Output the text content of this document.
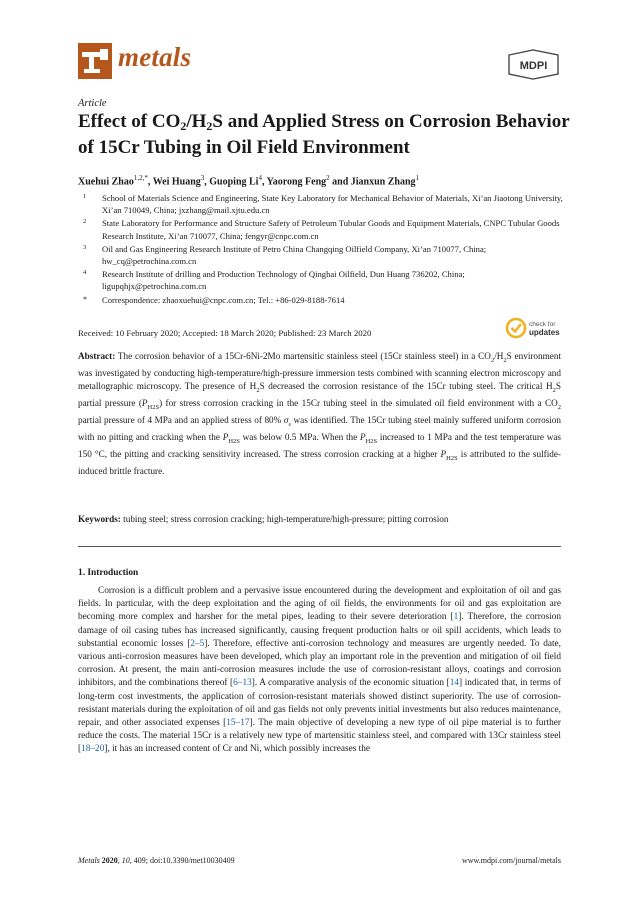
metals	MDPI
Article
Effect of $CO_2/H_2S$ and Applied Stress on Corrosion Behavior of 15Cr Tubing in Oil Field Environment
Xuehui Zhao$^{1,2,*}$, Wei Huang$^3$, Guoping Li$^4$, Yaorong Feng$^2$ and Jianxun Zhang$^1$
1 School of Materials Science and Engineering, State Key Laboratory for Mechanical Behavior of Materials, Xi’an Jiaotong University, Xi’an 710049, China; jxzhang@mail.xjtu.edu.cn
2 State Laboratory for Performance and Structure Safety of Petroleum Tubular Goods and Equipment Materials, CNPC Tubular Goods Research Institute, Xi’an 710077, China; fengyr@cnpc.com.cn
3 Oil and Gas Engineering Research Institute of Petro China Changqing Oilfield Company, Xi’an 710077, China; hw_cq@petrochina.com.cn
4 Research Institute of drilling and Production Technology of Qinghai Oilfield, Dun Huang 736202, China; ligupqhjx@petrochina.com.cn
* Correspondence: zhaoxuehui@cnpc.com.cn; Tel.: +86-029-8188-7614
Received: 10 February 2020; Accepted: 18 March 2020; Published: 23 March 2020
check for
updates
Abstract: The corrosion behavior of a 15Cr-6Ni-2Mo martensitic stainless steel (15Cr stainless steel) in a $CO_2/H_2S$ environment was investigated by conducting high-temperature/high-pressure immersion tests combined with scanning electron microscopy and metallographic microscopy. The presence of $H_2S$ decreased the corrosion resistance of the 15Cr tubing steel. The critical $H_2S$ partial pressure $(P_{H2S})$ for stress corrosion cracking in the 15Cr tubing steel in the simulated oil field environment with a $CO_2$ partial pressure of 4 MPa and an applied stress of 80% $\sigma_s$ was identified. The 15Cr tubing steel mainly suffered uniform corrosion with no pitting and cracking when the $P_{H2S}$ was below 0.5 MPa. When the $P_{H2S}$ increased to 1 MPa and the test temperature was 150 °C, the pitting and cracking sensitivity increased. The stress corrosion cracking at a higher $P_{H2S}$ is attributed to the sulfide-induced brittle fracture.
Keywords: tubing steel; stress corrosion cracking; high-temperature/high-pressure; pitting corrosion
1. Introduction

Corrosion is a difficult problem and a pervasive issue encountered during the development and exploitation of oil and gas fields. In particular, with the deep exploitation and the aging of oil fields, the environments for oil and gas exploitation are becoming more complex and harsher for the metal pipes, leading to their severe deterioration [1]. Therefore, the corrosion damage of oil casing tubes has increased significantly, causing frequent production halts or oil spill accidents, which leads to substantial economic losses [2–5]. Therefore, effective anti-corrosion technology and measures are urgently needed. To date, various anti-corrosion measures have been developed, which play an important role in the prevention and mitigation of oil field corrosion. At present, the main anti-corrosion measures include the use of corrosion-resistant alloys, coatings and corrosion inhibitors, and the combinations thereof [6–13]. A comparative analysis of the economic situation [14] indicated that, in terms of long-term cost investments, the application of corrosion-resistant materials showed distinct superiority. The use of corrosion-resistant materials during the exploitation of oil and gas fields not only prevents initial investments but also reduces maintenance, repair, and other associated expenses [15–17]. The main objective of developing a new type of oil pipe material is to further reduce the costs. The material 15Cr is a relatively new type of martensitic stainless steel, and compared with 13Cr stainless steel [18–20], it has an increased content of Cr and Ni, which possibly increases the

Metals 2020, 10, 409; doi:10.3390/met10030409	www.mdpi.com/journal/metals
